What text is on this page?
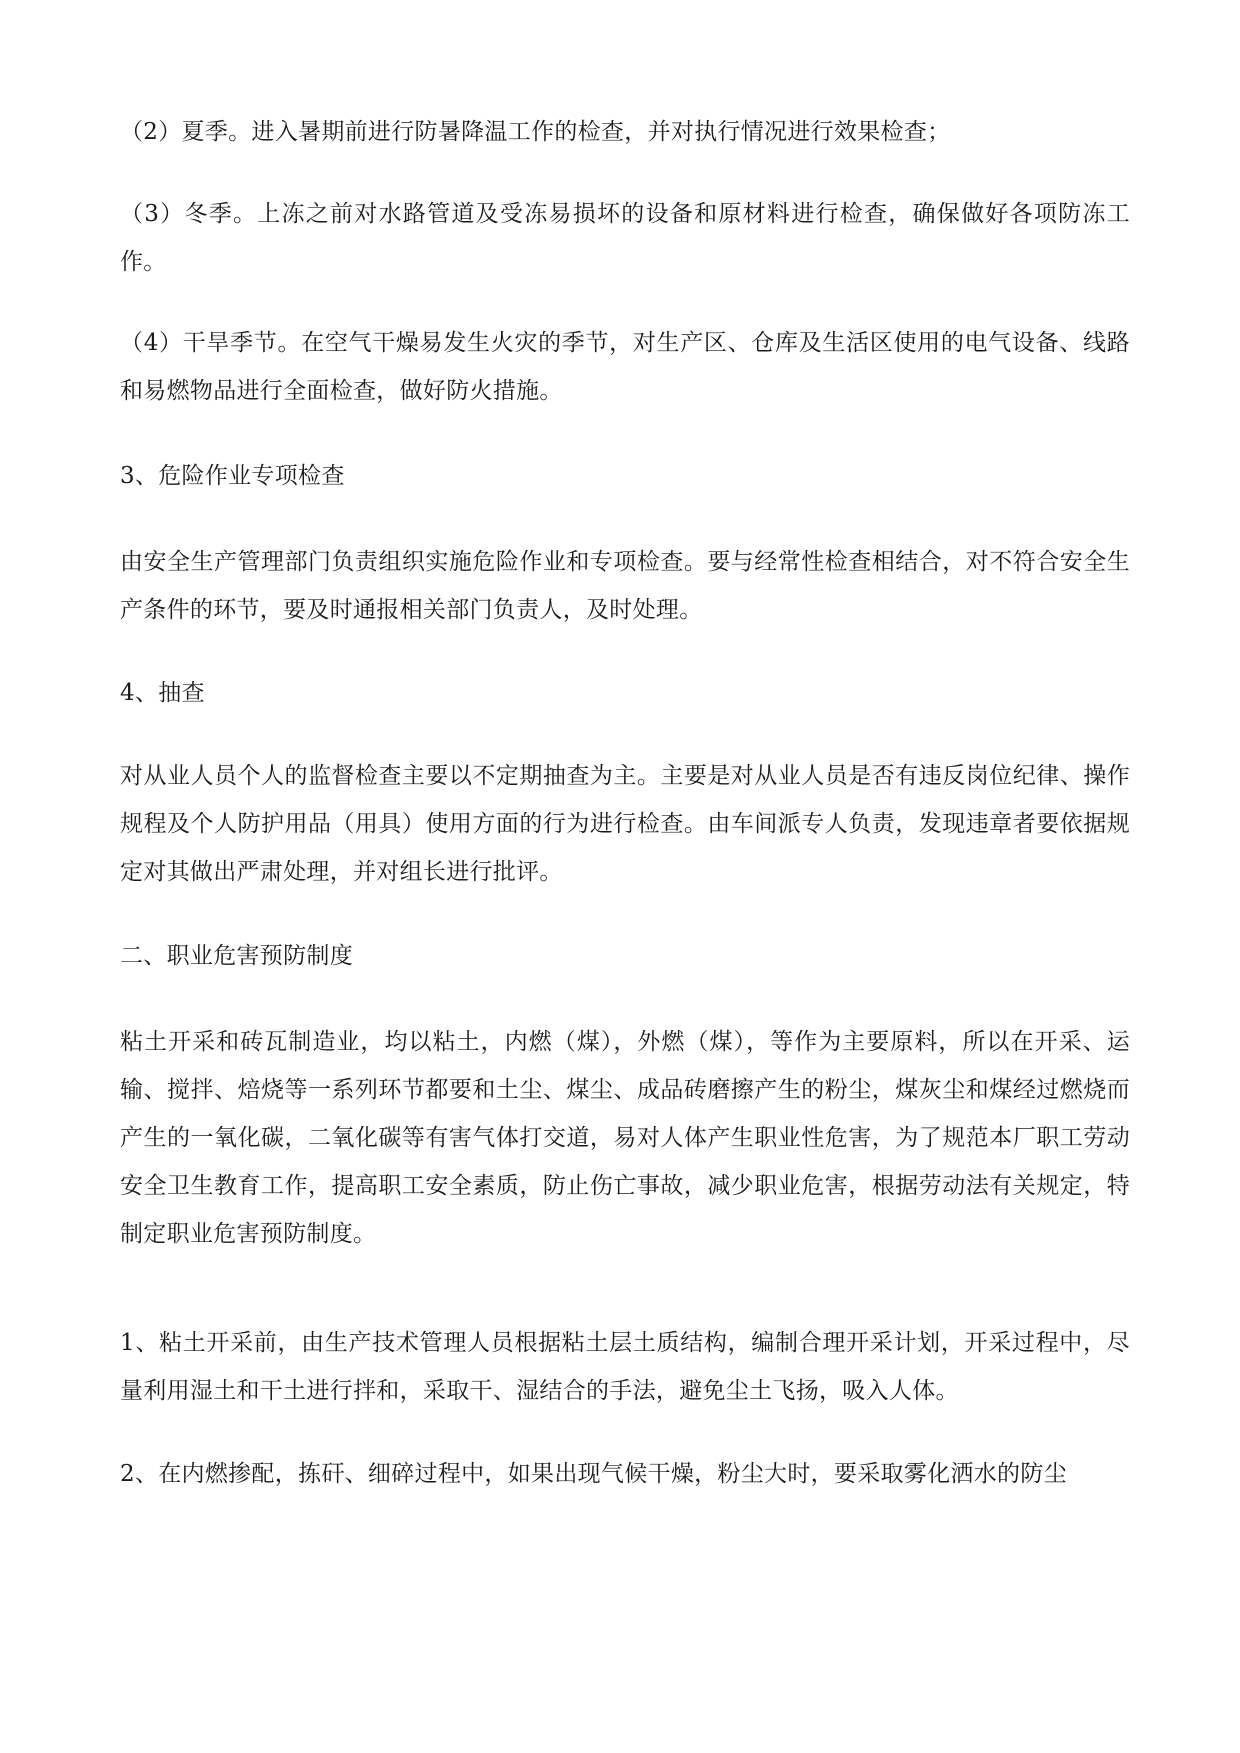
（2）夏季。进入暑期前进行防暑降温工作的检查，并对执行情况进行效果检查；

（3）冬季。上冻之前对水路管道及受冻易损坏的设备和原材料进行检查，确保做好各项防冻工作。

（4）干旱季节。在空气干燥易发生火灾的季节，对生产区、仓库及生活区使用的电气设备、线路和易燃物品进行全面检查，做好防火措施。

3、危险作业专项检查

由安全生产管理部门负责组织实施危险作业和专项检查。要与经常性检查相结合，对不符合安全生产条件的环节，要及时通报相关部门负责人，及时处理。

4、抽查

对从业人员个人的监督检查主要以不定期抽查为主。主要是对从业人员是否有违反岗位纪律、操作规程及个人防护用品（用具）使用方面的行为进行检查。由车间派专人负责，发现违章者要依据规定对其做出严肃处理，并对组长进行批评。

二、职业危害预防制度

粘土开采和砖瓦制造业，均以粘土，内燃（煤），外燃（煤），等作为主要原料，所以在开采、运输、搅拌、焙烧等一系列环节都要和土尘、煤尘、成品砖磨擦产生的粉尘，煤灰尘和煤经过燃烧而产生的一氧化碳，二氧化碳等有害气体打交道，易对人体产生职业性危害，为了规范本厂职工劳动安全卫生教育工作，提高职工安全素质，防止伤亡事故，减少职业危害，根据劳动法有关规定，特制定职业危害预防制度。

1、粘土开采前，由生产技术管理人员根据粘土层土质结构，编制合理开采计划，开采过程中，尽量利用湿土和干土进行拌和，采取干、湿结合的手法，避免尘土飞扬，吸入人体。

2、在内燃掺配，拣矸、细碎过程中，如果出现气候干燥，粉尘大时，要采取雾化洒水的防尘
